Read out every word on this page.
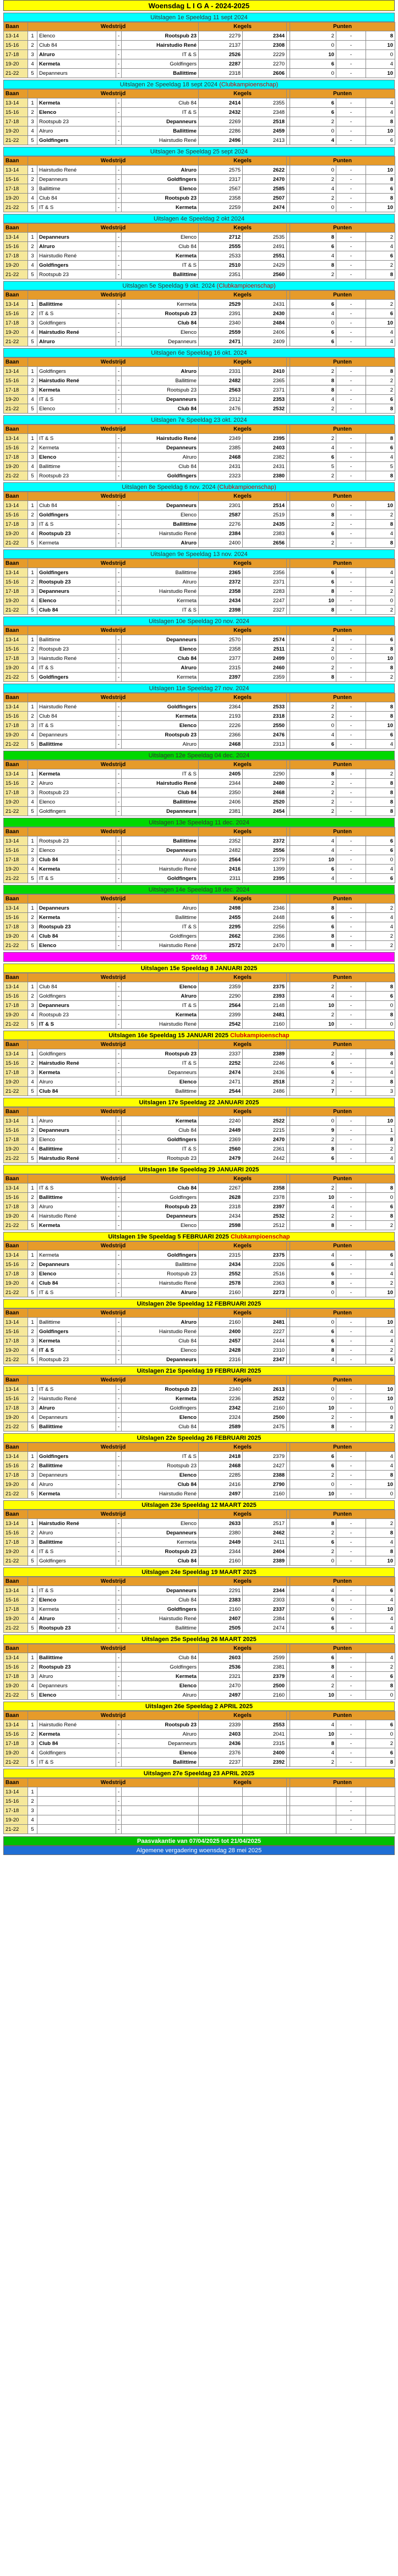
Woensdag L I G A - 2024-2025
Uitslagen 1e Speeldag 11 sept 2024
Baan	Wedstrijd				Kegels			Punten		
13-14	1	Elenco	-	Rootspub 23	2279	2344		2	-	8
15-16	2	Club 84	-	Hairstudio René	2137	2308		0	-	10
17-18	3	Alruro	-	IT & S	2526	2229		10	-	0
19-20	4	Kermeta	-	Goldfingers	2287	2270		6	-	4
21-22	5	Depanneurs	-	Ballittime	2318	2606		0	-	10
Uitslagen 2e Speeldag 18 sept 2024 (Clubkampioenschap)
Baan	Wedstrijd				Kegels			Punten		
13-14	1	Kermeta	-	Club 84	2414	2355		6	-	4
15-16	2	Elenco	-	IT & S	2432	2348		6	-	4
17-18	3	Rootspub 23	-	Depanneurs	2269	2518		2	-	8
19-20	4	Alruro	-	Ballittime	2286	2459		0	-	10
21-22	5	Goldfingers	-	Hairstudio René	2496	2413		4	-	6
Uitslagen 3e Speeldag 25 sept 2024
Baan	Wedstrijd				Kegels			Punten		
13-14	1	Hairstudio René	-	Alruro	2575	2622		0	-	10
15-16	2	Depanneurs	-	Goldfingers	2317	2470		2	-	8
17-18	3	Ballittime	-	Elenco	2567	2585		4	-	6
19-20	4	Club 84	-	Rootspub 23	2358	2507		2	-	8
21-22	5	IT & S	-	Kermeta	2259	2474		0	-	10
Uitslagen 4e Speeldag 2 okt 2024
Baan	Wedstrijd				Kegels			Punten		
13-14	1	Depanneurs	-	Elenco	2712	2535		8	-	2
15-16	2	Alruro	-	Club 84	2555	2491		6	-	4
17-18	3	Hairstudio René	-	Kermeta	2533	2551		4	-	6
19-20	4	Goldfingers	-	IT & S	2510	2429		8	-	2
21-22	5	Rootspub 23	-	Ballittime	2351	2560		2	-	8
Uitslagen 5e Speeldag 9 okt. 2024 (Clubkampioenschap)
Baan	Wedstrijd				Kegels			Punten		
13-14	1	Ballittime	-	Kermeta	2529	2431		6	-	2
15-16	2	IT & S	-	Rootspub 23	2391	2430		4	-	6
17-18	3	Goldfingers	-	Club 84	2340	2484		0	-	10
19-20	4	Hairstudio René	-	Elenco	2559	2406		6	-	4
21-22	5	Alruro	-	Depanneurs	2471	2409		6	-	4
Uitslagen 6e Speeldag 16 okt. 2024
Baan	Wedstrijd				Kegels			Punten		
13-14	1	Goldfingers	-	Alruro	2331	2410		2	-	8
15-16	2	Hairstudio René	-	Ballittime	2482	2365		8	-	2
17-18	3	Kermeta	-	Rootspub 23	2563	2371		8	-	2
19-20	4	IT & S	-	Depanneurs	2312	2353		4	-	6
21-22	5	Elenco	-	Club 84	2476	2532		2	-	8
Uitslagen 7e Speeldag 23 okt. 2024
Baan	Wedstrijd				Kegels			Punten		
13-14	1	IT & S	-	Hairstudio René	2349	2395		2	-	8
15-16	2	Kermeta	-	Depanneurs	2385	2403		4	-	6
17-18	3	Elenco	-	Alruro	2468	2382		6	-	4
19-20	4	Ballittime	-	Club 84	2431	2431		5	-	5
21-22	5	Rootspub 23	-	Goldfingers	2323	2380		2	-	8
Uitslagen 8e Speeldag 6 nov. 2024 (Clubkampioenschap)
Baan	Wedstrijd				Kegels			Punten		
13-14	1	Club 84	-	Depanneurs	2301	2514		0	-	10
15-16	2	Goldfingers	-	Elenco	2587	2519		8	-	2
17-18	3	IT & S	-	Ballittime	2276	2435		2	-	8
19-20	4	Rootspub 23	-	Hairstudio René	2384	2383		6	-	4
21-22	5	Kermeta	-	Alruro	2400	2656		2	-	8
Uitslagen 9e Speeldag 13 nov. 2024
Baan	Wedstrijd				Kegels			Punten		
13-14	1	Goldfingers	-	Ballittime	2365	2356		6	-	4
15-16	2	Rootspub 23	-	Alruro	2372	2371		6	-	4
17-18	3	Depanneurs	-	Hairstudio René	2358	2283		8	-	2
19-20	4	Elenco	-	Kermeta	2434	2247		10	-	0
21-22	5	Club 84	-	IT & S	2398	2327		8	-	2
Uitslagen 10e Speeldag 20 nov. 2024
Baan	Wedstrijd				Kegels			Punten		
13-14	1	Ballittime	-	Depanneurs	2570	2574		4	-	6
15-16	2	Rootspub 23	-	Elenco	2358	2511		2	-	8
17-18	3	Hairstudio René	-	Club 84	2377	2499		0	-	10
19-20	4	IT & S	-	Alruro	2315	2460		2	-	8
21-22	5	Goldfingers	-	Kermeta	2397	2359		8	-	2
Uitslagen 11e Speeldag 27 nov. 2024
Baan	Wedstrijd				Kegels			Punten		
13-14	1	Hairstudio René	-	Goldfingers	2364	2533		2	-	8
15-16	2	Club 84	-	Kermeta	2193	2318		2	-	8
17-18	3	IT & S	-	Elenco	2226	2550		0	-	10
19-20	4	Depanneurs	-	Rootspub 23	2366	2476		4	-	6
21-22	5	Ballittime	-	Alruro	2468	2313		6	-	4
Uitslagen 12e Speeldag 04 dec. 2024
Baan	Wedstrijd				Kegels			Punten		
13-14	1	Kermeta	-	IT & S	2405	2290		8	-	2
15-16	2	Alruro	-	Hairstudio René	2344	2480		2	-	8
17-18	3	Rootspub 23	-	Club 84	2350	2468		2	-	8
19-20	4	Elenco	-	Ballittime	2406	2520		2	-	8
21-22	5	Goldfingers	-	Depanneurs	2381	2454		2	-	8
Uitslagen 13e Speeldag 11 dec. 2024
Baan	Wedstrijd				Kegels			Punten		
13-14	1	Rootspub 23	-	Ballittime	2352	2372		4	-	6
15-16	2	Elenco	-	Depanneurs	2482	2556		4	-	6
17-18	3	Club 84	-	Alruro	2564	2379		10	-	0
19-20	4	Kermeta	-	Hairstudio René	2416	1399		6	-	4
21-22	5	IT & S	-	Goldfingers	2311	2395		4	-	6
Uitslagen 14e Speeldag 18 dec. 2024
Baan	Wedstrijd				Kegels			Punten		
13-14	1	Depanneurs	-	Alruro	2498	2346		8	-	2
15-16	2	Kermeta	-	Ballittime	2455	2448		6	-	4
17-18	3	Rootspub 23	-	IT & S	2295	2256		6	-	4
19-20	4	Club 84	-	Goldfingers	2662	2366		8	-	2
21-22	5	Elenco	-	Hairstudio René	2572	2470		8	-	2
2025
Uitslagen 15e Speeldag 8 JANUARI 2025
Baan	Wedstrijd				Kegels			Punten		
13-14	1	Club 84	-	Elenco	2359	2375		2	-	8
15-16	2	Goldfingers	-	Alruro	2290	2393		4	-	6
17-18	3	Depanneurs	-	IT & S	2564	2148		10	-	0
19-20	4	Rootspub 23	-	Kermeta	2399	2481		2	-	8
21-22	5	IT & S	-	Hairstudio René	2542	2160		10	-	0
Uitslagen 16e Speeldag 15 JANUARI 2025 Clubkampioenschap
Baan	Wedstrijd				Kegels			Punten		
13-14	1	Goldfingers	-	Rootspub 23	2337	2389		2	-	8
15-16	2	Hairstudio René	-	IT & S	2252	2246		6	-	4
17-18	3	Kermeta	-	Depanneurs	2474	2436		6	-	4
19-20	4	Alruro	-	Elenco	2471	2518		2	-	8
21-22	5	Club 84	-	Ballittime	2544	2486		7	-	3
Uitslagen 17e Speeldag 22 JANUARI 2025
Baan	Wedstrijd				Kegels			Punten		
13-14	1	Alruro	-	Kermeta	2240	2522		0	-	10
15-16	2	Depanneurs	-	Club 84	2449	2215		9	-	1
17-18	3	Elenco	-	Goldfingers	2369	2470		2	-	8
19-20	4	Ballittime	-	IT & S	2560	2361		8	-	2
21-22	5	Hairstudio René	-	Rootspub 23	2479	2442		6	-	4
Uitslagen 18e Speeldag 29 JANUARI 2025
Baan	Wedstrijd				Kegels			Punten		
13-14	1	IT & S	-	Club 84	2267	2358		2	-	8
15-16	2	Ballittime	-	Goldfingers	2628	2378		10	-	0
17-18	3	Alruro	-	Rootspub 23	2318	2397		4	-	6
19-20	4	Hairstudio René	-	Depanneurs	2434	2532		2	-	8
21-22	5	Kermeta	-	Elenco	2598	2512		8	-	2
Uitslagen 19e Speeldag 5 FEBRUARI 2025 Clubkampioenschap
Baan	Wedstrijd				Kegels			Punten		
13-14	1	Kermeta	-	Goldfingers	2315	2375		4	-	6
15-16	2	Depanneurs	-	Ballittime	2434	2326		6	-	4
17-18	3	Elenco	-	Rootspub 23	2552	2516		6	-	4
19-20	4	Club 84	-	Hairstudio René	2578	2363		8	-	2
21-22	5	IT & S	-	Alruro	2160	2273		0	-	10
Uitslagen 20e Speeldag 12 FEBRUARI 2025
Baan	Wedstrijd				Kegels			Punten		
13-14	1	Ballittime	-	Alruro	2160	2481		0	-	10
15-16	2	Goldfingers	-	Hairstudio René	2400	2227		6	-	4
17-18	3	Kermeta	-	Club 84	2457	2444		6	-	4
19-20	4	IT & S	-	Elenco	2428	2310		8	-	2
21-22	5	Rootspub 23	-	Depanneurs	2316	2347		4	-	6
Uitslagen 21e Speeldag 19 FEBRUARI 2025
Baan	Wedstrijd				Kegels			Punten		
13-14	1	IT & S	-	Rootspub 23	2340	2613		0	-	10
15-16	2	Hairstudio René	-	Kermeta	2236	2522		0	-	10
17-18	3	Alruro	-	Goldfingers	2342	2160		10	-	0
19-20	4	Depanneurs	-	Elenco	2324	2500		2	-	8
21-22	5	Ballittime	-	Club 84	2589	2475		8	-	2
Uitslagen 22e Speeldag 26 FEBRUARI 2025
Baan	Wedstrijd				Kegels			Punten		
13-14	1	Goldfingers	-	IT & S	2418	2379		6	-	4
15-16	2	Ballittime	-	Rootspub 23	2468	2427		6	-	4
17-18	3	Depanneurs	-	Elenco	2285	2388		2	-	8
19-20	4	Alruro	-	Club 84	2416	2790		0	-	10
21-22	5	Kermeta	-	Hairstudio René	2497	2160		10	-	0
Uitslagen 23e Speeldag 12 MAART 2025
Baan	Wedstrijd				Kegels			Punten		
13-14	1	Hairstudio René	-	Elenco	2633	2517		8	-	2
15-16	2	Alruro	-	Depanneurs	2380	2462		2	-	8
17-18	3	Ballittime	-	Kermeta	2449	2411		6	-	4
19-20	4	IT & S	-	Rootspub 23	2344	2404		2	-	8
21-22	5	Goldfingers	-	Club 84	2160	2389		0	-	10
Uitslagen 24e Speeldag 19 MAART 2025
Baan	Wedstrijd				Kegels			Punten		
13-14	1	IT & S	-	Depanneurs	2291	2344		4	-	6
15-16	2	Elenco	-	Club 84	2383	2303		6	-	4
17-18	3	Kermeta	-	Goldfingers	2160	2337		0	-	10
19-20	4	Alruro	-	Hairstudio René	2407	2384		6	-	4
21-22	5	Rootspub 23	-	Ballittime	2505	2474		6	-	4
Uitslagen 25e Speeldag 26 MAART 2025
Baan	Wedstrijd				Kegels			Punten		
13-14	1	Ballittime	-	Club 84	2603	2599		6	-	4
15-16	2	Rootspub 23	-	Goldfingers	2536	2381		8	-	2
17-18	3	Alruro	-	Kermeta	2321	2379		4	-	6
19-20	4	Depanneurs	-	Elenco	2470	2500		2	-	8
21-22	5	Elenco	-	Alruro	2497	2160		10	-	0
Uitslagen 26e Speeldag 2 APRIL 2025
Baan	Wedstrijd				Kegels			Punten		
13-14	1	Hairstudio René	-	Rootspub 23	2339	2553		4	-	6
15-16	2	Kermeta	-	Alruro	2403	2041		10	-	0
17-18	3	Club 84	-	Depanneurs	2436	2315		8	-	2
19-20	4	Goldfingers	-	Elenco	2376	2400		4	-	6
21-22	5	IT & S	-	Ballittime	2237	2392		2	-	8
Uitslagen 27e Speeldag 23 APRIL 2025
Baan	Wedstrijd				Kegels			Punten		
13-14	1		-						-	
15-16	2		-						-	
17-18	3		-						-	
19-20	4		-						-	
21-22	5		-						-	
Paasvakantie van 07/04/2025 tot 21/04/2025
Algemene vergadering woensdag 28 mei 2025
